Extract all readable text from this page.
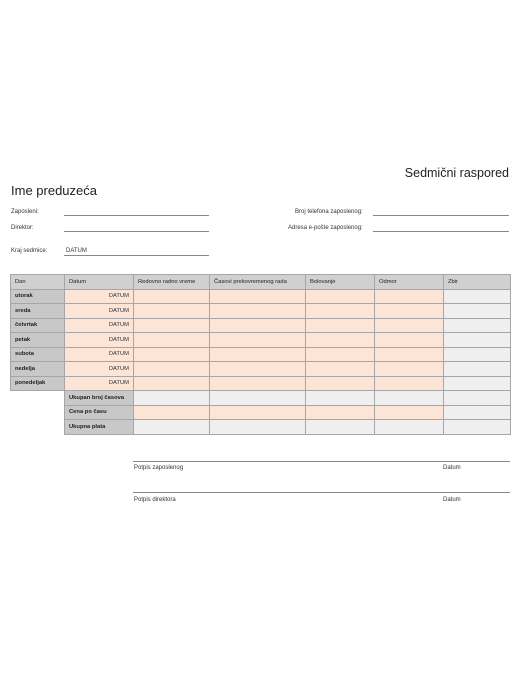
Sedmični raspored
Ime preduzeća
Zaposleni:
Direktor:
Kraj sedmice:	DATUM
Broj telefona zaposlenog:
Adresa e-pošte zaposlenog:
Dan	Datum	Redovno radno vreme	Časovi prekovremenog rada	Bolovanje	Odmor	Zbir
utorak	DATUM					
sreda	DATUM					
četvrtak	DATUM					
petak	DATUM					
subota	DATUM					
nedelja	DATUM					
ponedeljak	DATUM					
	Ukupan broj časova					
	Cena po času					
	Ukupna plata					
Potpis zaposlenog	Datum
Potpis direktora	Datum
